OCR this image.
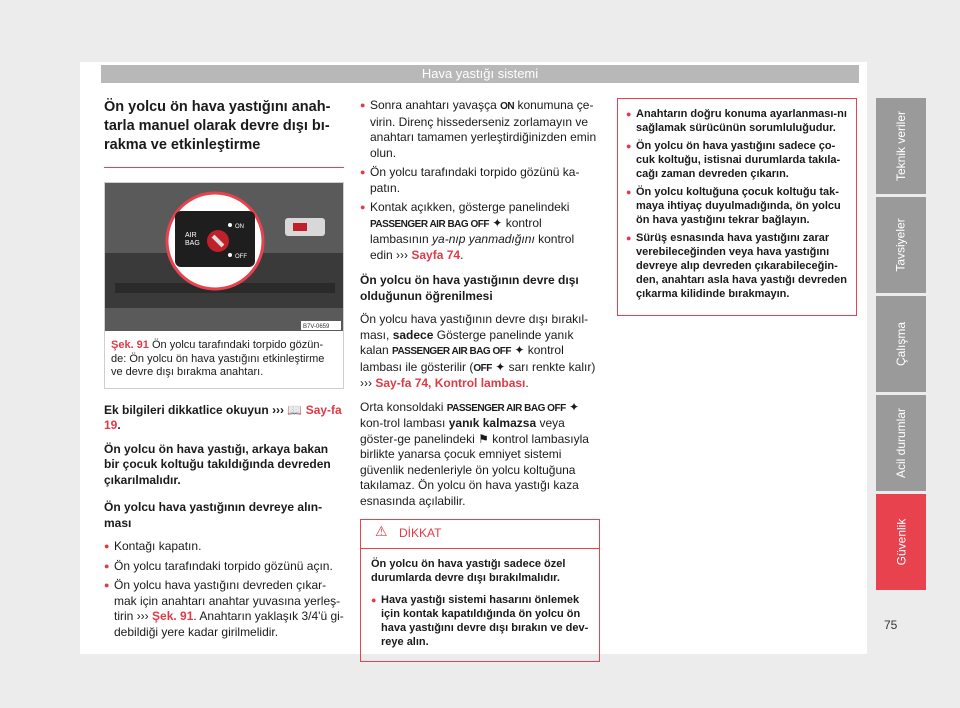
Hava yastığı sistemi
Ön yolcu ön hava yastığını anah-tarla manuel olarak devre dışı bı-rakma ve etkinleştirme
AIR
BAG
ON
OFF
B7V-0659
Şek. 91 Ön yolcu tarafındaki torpido gözün-de: Ön yolcu ön hava yastığını etkinleştirme ve devre dışı bırakma anahtarı.

Ek bilgileri dikkatlice okuyun ››› 📖 Say-fa 19.

Ön yolcu ön hava yastığı, arkaya bakan bir çocuk koltuğu takıldığında devreden çıkarılmalıdır.

Ön yolcu hava yastığının devreye alın-ması

● Kontağı kapatın.
● Ön yolcu tarafındaki torpido gözünü açın.
● Ön yolcu hava yastığını devreden çıkar-mak için anahtarı anahtar yuvasına yerleş-tirin ››› Şek. 91. Anahtarın yaklaşık 3/4'ü gi-debildiği yere kadar girilmelidir.
● Sonra anahtarı yavaşça ON konumuna çe-virin. Direnç hissederseniz zorlamayın ve anahtarı tamamen yerleştirdiğinizden emin olun.
● Ön yolcu tarafındaki torpido gözünü ka-patın.
● Kontak açıkken, gösterge panelindeki PASSENGER AIR BAG OFF ✦ kontrol lambasının ya-nıp yanmadığını kontrol edin ››› Sayfa 74.

Ön yolcu ön hava yastığının devre dışı olduğunun öğrenilmesi

Ön yolcu hava yastığının devre dışı bırakıl-ması, sadece Gösterge panelinde yanık kalan PASSENGER AIR BAG OFF ✦ kontrol lambası ile gösterilir (OFF ✦ sarı renkte kalır) ››› Say-fa 74, Kontrol lambası.

Orta konsoldaki PASSENGER AIR BAG OFF ✦ kon-trol lambası yanık kalmazsa veya göster-ge panelindeki ⚑ kontrol lambasıyla birlikte yanarsa çocuk emniyet sistemi güvenlik nedenleriyle ön yolcu koltuğuna takılamaz. Ön yolcu ön hava yastığı kaza esnasında açılabilir.

⚠ DİKKAT

Ön yolcu ön hava yastığı sadece özel durumlarda devre dışı bırakılmalıdır.

● Hava yastığı sistemi hasarını önlemek için kontak kapatıldığında ön yolcu ön hava yastığını devre dışı bırakın ve dev-reye alın.
● Anahtarın doğru konuma ayarlanması-nı sağlamak sürücünün sorumluluğudur.
● Ön yolcu ön hava yastığını sadece ço-cuk koltuğu, istisnai durumlarda takıla-cağı zaman devreden çıkarın.
● Ön yolcu koltuğuna çocuk koltuğu tak-maya ihtiyaç duyulmadığında, ön yolcu ön hava yastığını tekrar bağlayın.
● Sürüş esnasında hava yastığını zarar verebileceğinden veya hava yastığını devreye alıp devreden çıkarabileceğin-den, anahtarı asla hava yastığı devreden çıkarma kilidinde bırakmayın.
Teknik veriler
Tavsiyeler
Çalışma
Acil durumlar
Güvenlik
75
